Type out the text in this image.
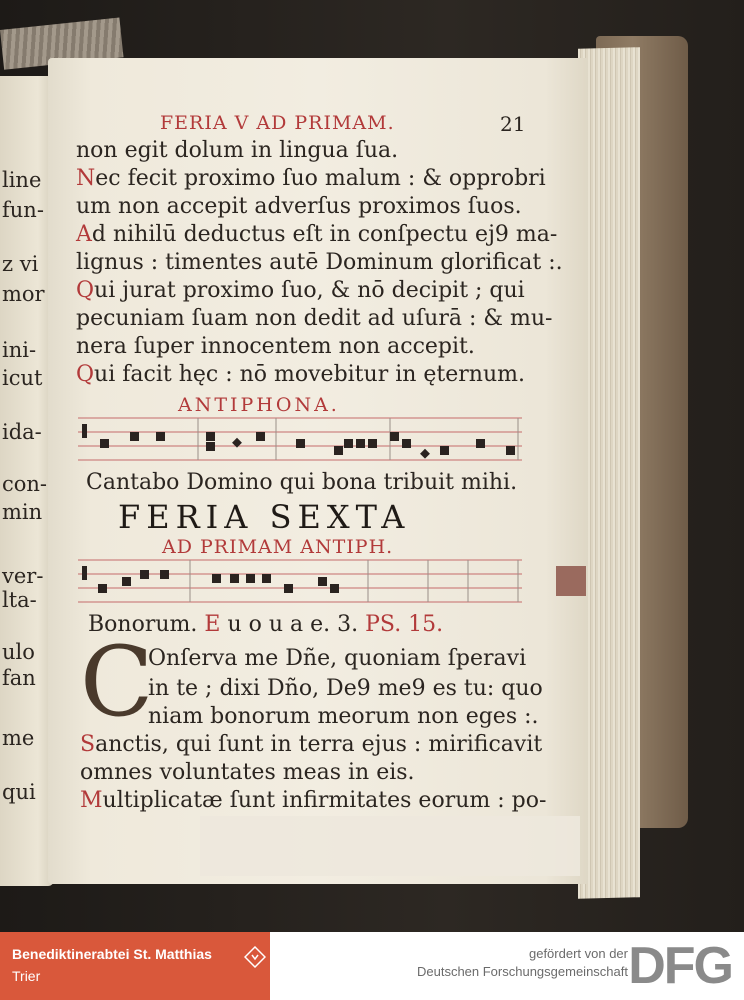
line
fun-
z vi
mor
ini-
icut
ida-
con-
min
ver-
lta-
ulo
fan
me
qui
FERIA V AD PRIMAM.	21
non egit dolum in lingua ſua.
Nec fecit proximo ſuo malum : & opprobri
um non accepit adverſus proximos ſuos.
Ad nihilū deductus eſt in conſpectu ej9 ma-
lignus : timentes autē Dominum glorificat :.
Qui jurat proximo ſuo, & nō decipit ; qui
pecuniam ſuam non dedit ad uſurā : & mu-
nera ſuper innocentem non accepit.
Qui facit hęc : nō movebitur in ęternum.
ANTIPHONA.
Cantabo Domino qui bona tribuit mihi.
FERIA SEXTA
AD PRIMAM ANTIPH.
Bonorum. E u o u a e. 3. PS. 15.
C
Onſerva me Dñe, quoniam ſperavi
in te ; dixi Dño, De9 me9 es tu: quo
niam bonorum meorum non eges :.
Sanctis, qui ſunt in terra ejus : mirificavit
omnes voluntates meas in eis.
Multiplicatæ ſunt infirmitates eorum : po-
Benediktinerabtei St. Matthias
Trier
gefördert von der
Deutschen Forschungsgemeinschaft DFG
